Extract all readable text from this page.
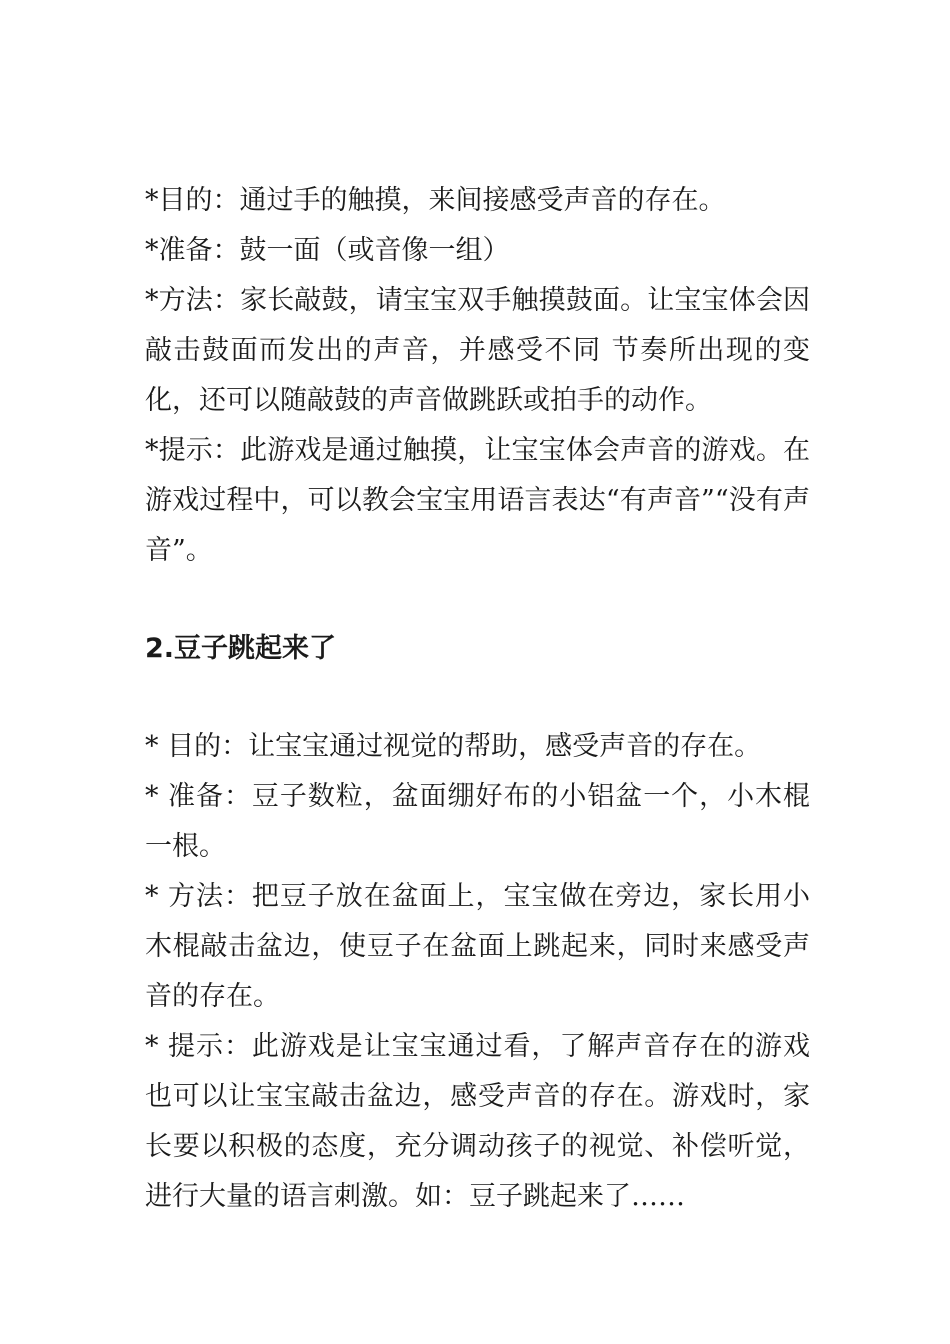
*目的：通过手的触摸，来间接感受声音的存在。

*准备：鼓一面（或音像一组）

*方法：家长敲鼓，请宝宝双手触摸鼓面。让宝宝体会因敲击鼓面而发出的声音，并感受不同 节奏所出现的变化，还可以随敲鼓的声音做跳跃或拍手的动作。

*提示：此游戏是通过触摸，让宝宝体会声音的游戏。在游戏过程中，可以教会宝宝用语言表达“有声音”“没有声音”。

2.豆子跳起来了

* 目的：让宝宝通过视觉的帮助，感受声音的存在。

* 准备：豆子数粒，盆面绷好布的小铝盆一个，小木棍一根。

* 方法：把豆子放在盆面上，宝宝做在旁边，家长用小木棍敲击盆边，使豆子在盆面上跳起来，同时来感受声音的存在。

* 提示：此游戏是让宝宝通过看，了解声音存在的游戏也可以让宝宝敲击盆边，感受声音的存在。游戏时，家长要以积极的态度，充分调动孩子的视觉、补偿听觉，进行大量的语言刺激。如：豆子跳起来了……
